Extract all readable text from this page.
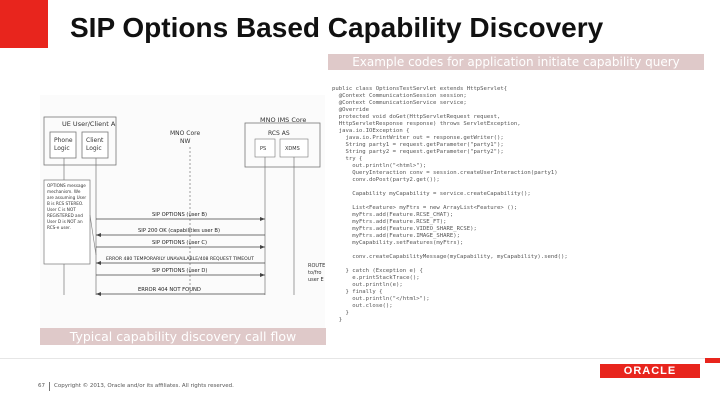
SIP Options Based Capability Discovery
Example codes for application initiate capability query
UE User/Client A
Phone
Logic
Client
Logic
MNO Core
NW
MNO IMS Core
RCS AS
PS	XDMS
OPTIONS message mechanism. We are assuming User B is RCS STEREO. User C is NOT REGISTERED and User D is NOT an RCS-e user.
SIP OPTIONS (user B)
SIP 200 OK (capabilities user B)
SIP OPTIONS (user C)
ERROR 480 TEMPORARILY UNAVAILABLE/408 REQUEST TIMEOUT
SIP OPTIONS (user D)
ERROR 404 NOT FOUND
ROUTE to/fro user E
Typical capability discovery call flow
public class OptionsTestServlet extends HttpServlet{
@Context CommunicationSession session;
@Context CommunicationService service;
@Override
protected void doGet(HttpServletRequest request,
HttpServletResponse response) throws ServletException,
java.io.IOException {
java.io.PrintWriter out = response.getWriter();
String party1 = request.getParameter("party1");
String party2 = request.getParameter("party2");
try {
out.println("<html>");
QueryInteraction conv = session.createUserInteraction(party1)
conv.doPost(party2.get());
Capability myCapability = service.createCapability();
List<Feature> myFtrs = new ArrayList<Feature> ();
myFtrs.add(Feature.RCSE_CHAT);
myFtrs.add(Feature.RCSE_FT);
myFtrs.add(Feature.VIDEO_SHARE_RCSE);
myFtrs.add(Feature.IMAGE_SHARE);
myCapability.setFeatures(myFtrs);
conv.createCapabilityMessage(myCapability, myCapability).send();
} catch (Exception e) {
e.printStackTrace();
out.println(e);
} finally {
out.println("</html>");
out.close();
}
}
ORACLE
67 Copyright © 2013, Oracle and/or its affiliates. All rights reserved.
